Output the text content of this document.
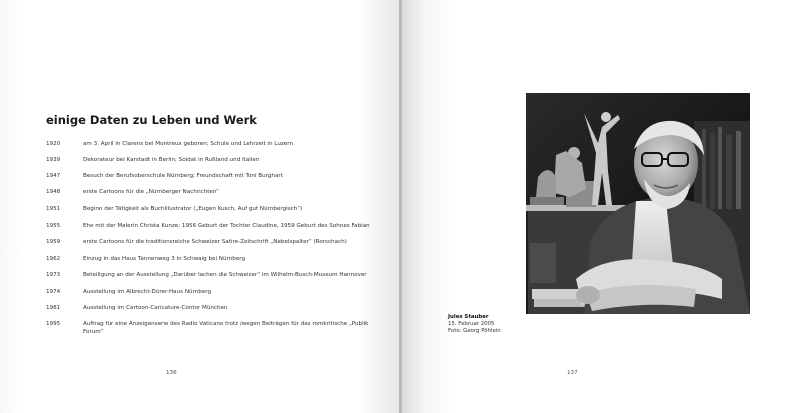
einige Daten zu Leben und Werk
1920	am 3. April in Clarens bei Montreux geboren; Schule und Lehrzeit in Luzern
1939	Dekorateur bei Karstadt in Berlin; Soldat in Rußland und Italien
1947	Besuch der Berufsoberschule Nürnberg; Freundschaft mit Toni Burghart
1948	erste Cartoons für die „Nürnberger Nachrichten“
1951	Beginn der Tätigkeit als Buchillustrator („Eugen Kusch, Auf gut Nürnbergisch“)
1955	Ehe mit der Malerin Christa Kunze; 1956 Geburt der Tochter Claudine, 1959 Geburt des Sohnes Fabian
1959	erste Cartoons für die traditionsreiche Schweizer Satire-Zeitschrift „Nebelspalter“ (Rorschach)
1962	Einzug in das Haus Tannenweg 3 in Schwaig bei Nürnberg
1973	Beteiligung an der Ausstellung „Darüber lachen die Schweizer“ im Wilhelm-Busch-Museum Hannover
1974	Ausstellung im Albrecht-Dürer-Haus Nürnberg
1981	Ausstellung im Cartoon-Caricature-Contor München
1995	Auftrag für eine Anzeigenserie des Radio Vaticano trotz /wegen Beiträgen für das romkritische „Publik Forum“
136	137
Jules Stauber
15. Februar 2005
Foto: Georg Pöhlein
